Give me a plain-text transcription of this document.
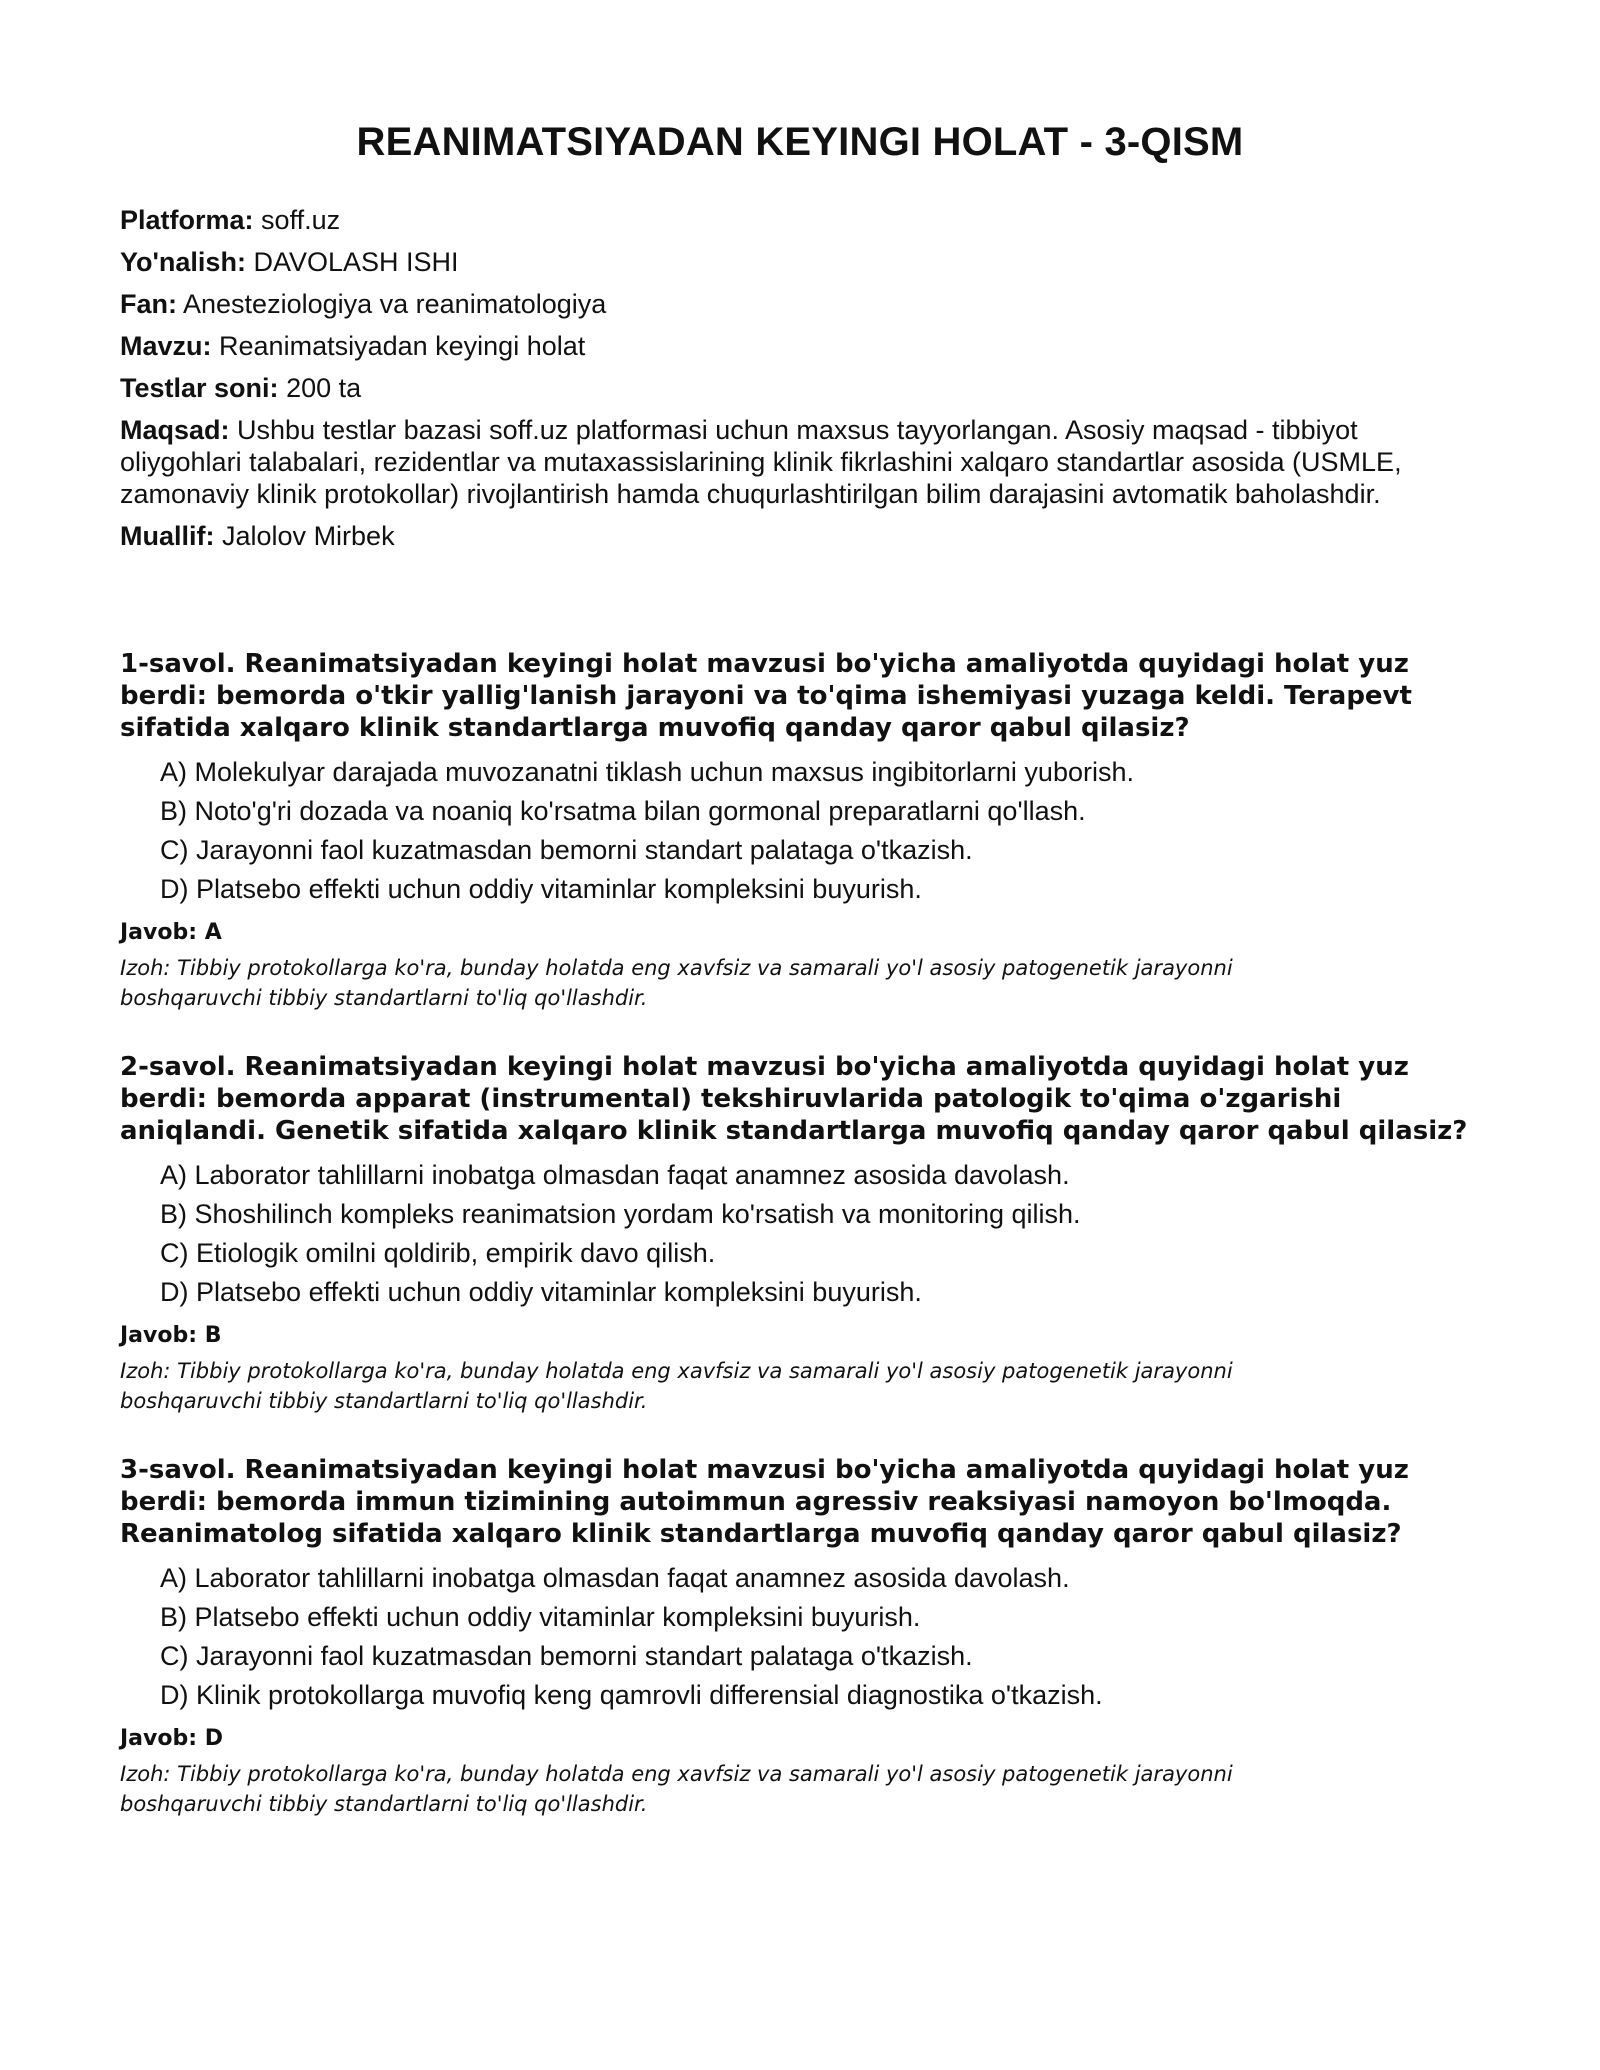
REANIMATSIYADAN KEYINGI HOLAT - 3-QISM

Platforma: soff.uz

Yo'nalish: DAVOLASH ISHI

Fan: Anesteziologiya va reanimatologiya

Mavzu: Reanimatsiyadan keyingi holat

Testlar soni: 200 ta

Maqsad: Ushbu testlar bazasi soff.uz platformasi uchun maxsus tayyorlangan. Asosiy maqsad - tibbiyot oliygohlari talabalari, rezidentlar va mutaxassislarining klinik fikrlashini xalqaro standartlar asosida (USMLE, zamonaviy klinik protokollar) rivojlantirish hamda chuqurlashtirilgan bilim darajasini avtomatik baholashdir.

Muallif: Jalolov Mirbek

1-savol. Reanimatsiyadan keyingi holat mavzusi bo'yicha amaliyotda quyidagi holat yuz berdi: bemorda o'tkir yallig'lanish jarayoni va to'qima ishemiyasi yuzaga keldi. Terapevt sifatida xalqaro klinik standartlarga muvofiq qanday qaror qabul qilasiz?

A) Molekulyar darajada muvozanatni tiklash uchun maxsus ingibitorlarni yuborish.
B) Noto'g'ri dozada va noaniq ko'rsatma bilan gormonal preparatlarni qo'llash.
C) Jarayonni faol kuzatmasdan bemorni standart palataga o'tkazish.
D) Platsebo effekti uchun oddiy vitaminlar kompleksini buyurish.

Javob: A

Izoh: Tibbiy protokollarga ko'ra, bunday holatda eng xavfsiz va samarali yo'l asosiy patogenetik jarayonni boshqaruvchi tibbiy standartlarni to'liq qo'llashdir.

2-savol. Reanimatsiyadan keyingi holat mavzusi bo'yicha amaliyotda quyidagi holat yuz berdi: bemorda apparat (instrumental) tekshiruvlarida patologik to'qima o'zgarishi aniqlandi. Genetik sifatida xalqaro klinik standartlarga muvofiq qanday qaror qabul qilasiz?

A) Laborator tahlillarni inobatga olmasdan faqat anamnez asosida davolash.
B) Shoshilinch kompleks reanimatsion yordam ko'rsatish va monitoring qilish.
C) Etiologik omilni qoldirib, empirik davo qilish.
D) Platsebo effekti uchun oddiy vitaminlar kompleksini buyurish.

Javob: B

Izoh: Tibbiy protokollarga ko'ra, bunday holatda eng xavfsiz va samarali yo'l asosiy patogenetik jarayonni boshqaruvchi tibbiy standartlarni to'liq qo'llashdir.

3-savol. Reanimatsiyadan keyingi holat mavzusi bo'yicha amaliyotda quyidagi holat yuz berdi: bemorda immun tizimining autoimmun agressiv reaksiyasi namoyon bo'lmoqda. Reanimatolog sifatida xalqaro klinik standartlarga muvofiq qanday qaror qabul qilasiz?

A) Laborator tahlillarni inobatga olmasdan faqat anamnez asosida davolash.
B) Platsebo effekti uchun oddiy vitaminlar kompleksini buyurish.
C) Jarayonni faol kuzatmasdan bemorni standart palataga o'tkazish.
D) Klinik protokollarga muvofiq keng qamrovli differensial diagnostika o'tkazish.

Javob: D

Izoh: Tibbiy protokollarga ko'ra, bunday holatda eng xavfsiz va samarali yo'l asosiy patogenetik jarayonni boshqaruvchi tibbiy standartlarni to'liq qo'llashdir.
